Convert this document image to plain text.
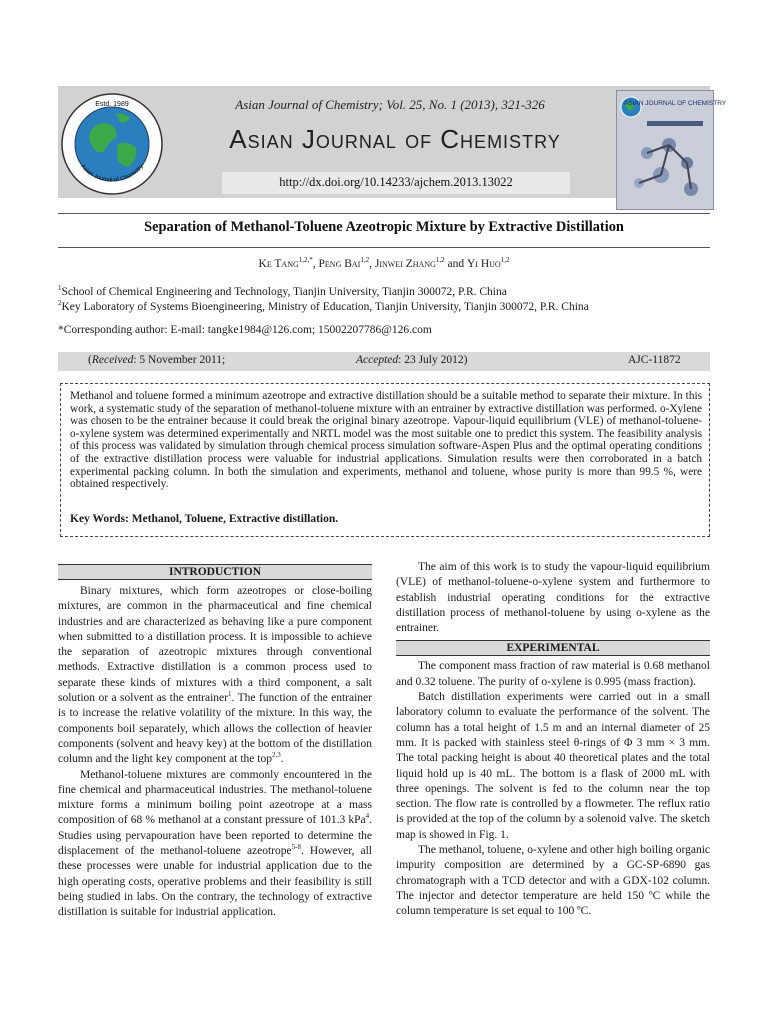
Estd. 1989
Asian Journal of Chemistry
Asian Journal of Chemistry; Vol. 25, No. 1 (2013), 321-326
Asian Journal of Chemistry
http://dx.doi.org/10.14233/ajchem.2013.13022
ASIAN JOURNAL OF CHEMISTRY
Separation of Methanol-Toluene Azeotropic Mixture by Extractive Distillation
Ke Tang$^{1,2,*}$, Peng Bai$^{1,2}$, Jinwei Zhang$^{1,2}$ and Yi Huo$^{1,2}$
$^1$School of Chemical Engineering and Technology, Tianjin University, Tianjin 300072, P.R. China
$^2$Key Laboratory of Systems Bioengineering, Ministry of Education, Tianjin University, Tianjin 300072, P.R. China
*Corresponding author: E-mail: tangke1984@126.com; 15002207786@126.com
(Received: 5 November 2011;	Accepted: 23 July 2012)	AJC-11872

Methanol and toluene formed a minimum azeotrope and extractive distillation should be a suitable method to separate their mixture. In this work, a systematic study of the separation of methanol-toluene mixture with an entrainer by extractive distillation was performed. o-Xylene was chosen to be the entrainer because it could break the original binary azeotrope. Vapour-liquid equilibrium (VLE) of methanol-toluene-o-xylene system was determined experimentally and NRTL model was the most suitable one to predict this system. The feasibility analysis of this process was validated by simulation through chemical process simulation software-Aspen Plus and the optimal operating conditions of the extractive distillation process were valuable for industrial applications. Simulation results were then corroborated in a batch experimental packing column. In both the simulation and experiments, methanol and toluene, whose purity is more than 99.5 %, were obtained respectively.

Key Words: Methanol, Toluene, Extractive distillation.
INTRODUCTION

Binary mixtures, which form azeotropes or close-boiling mixtures, are common in the pharmaceutical and fine chemical industries and are characterized as behaving like a pure component when submitted to a distillation process. It is impossible to achieve the separation of azeotropic mixtures through conventional methods. Extractive distillation is a common process used to separate these kinds of mixtures with a third component, a salt solution or a solvent as the entrainer$^1$. The function of the entrainer is to increase the relative volatility of the mixture. In this way, the components boil separately, which allows the collection of heavier components (solvent and heavy key) at the bottom of the distillation column and the light key component at the top$^{2,3}$.

Methanol-toluene mixtures are commonly encountered in the fine chemical and pharmaceutical industries. The methanol-toluene mixture forms a minimum boiling point azeotrope at a mass composition of 68 % methanol at a constant pressure of 101.3 kPa$^4$. Studies using pervapouration have been reported to determine the displacement of the methanol-toluene azeotrope$^{5-8}$. However, all these processes were unable for industrial application due to the high operating costs, operative problems and their feasibility is still being studied in labs. On the contrary, the technology of extractive distillation is suitable for industrial application.

The aim of this work is to study the vapour-liquid equilibrium (VLE) of methanol-toluene-o-xylene system and furthermore to establish industrial operating conditions for the extractive distillation process of methanol-toluene by using o-xylene as the entrainer.

EXPERIMENTAL

The component mass fraction of raw material is 0.68 methanol and 0.32 toluene. The purity of o-xylene is 0.995 (mass fraction).

Batch distillation experiments were carried out in a small laboratory column to evaluate the performance of the solvent. The column has a total height of 1.5 m and an internal diameter of 25 mm. It is packed with stainless steel θ-rings of Φ 3 mm × 3 mm. The total packing height is about 40 theoretical plates and the total liquid hold up is 40 mL. The bottom is a flask of 2000 mL with three openings. The solvent is fed to the column near the top section. The flow rate is controlled by a flowmeter. The reflux ratio is provided at the top of the column by a solenoid valve. The sketch map is showed in Fig. 1.

The methanol, toluene, o-xylene and other high boiling organic impurity composition are determined by a GC-SP-6890 gas chromatograph with a TCD detector and with a GDX-102 column. The injector and detector temperature are held 150 ºC while the column temperature is set equal to 100 ºC.
